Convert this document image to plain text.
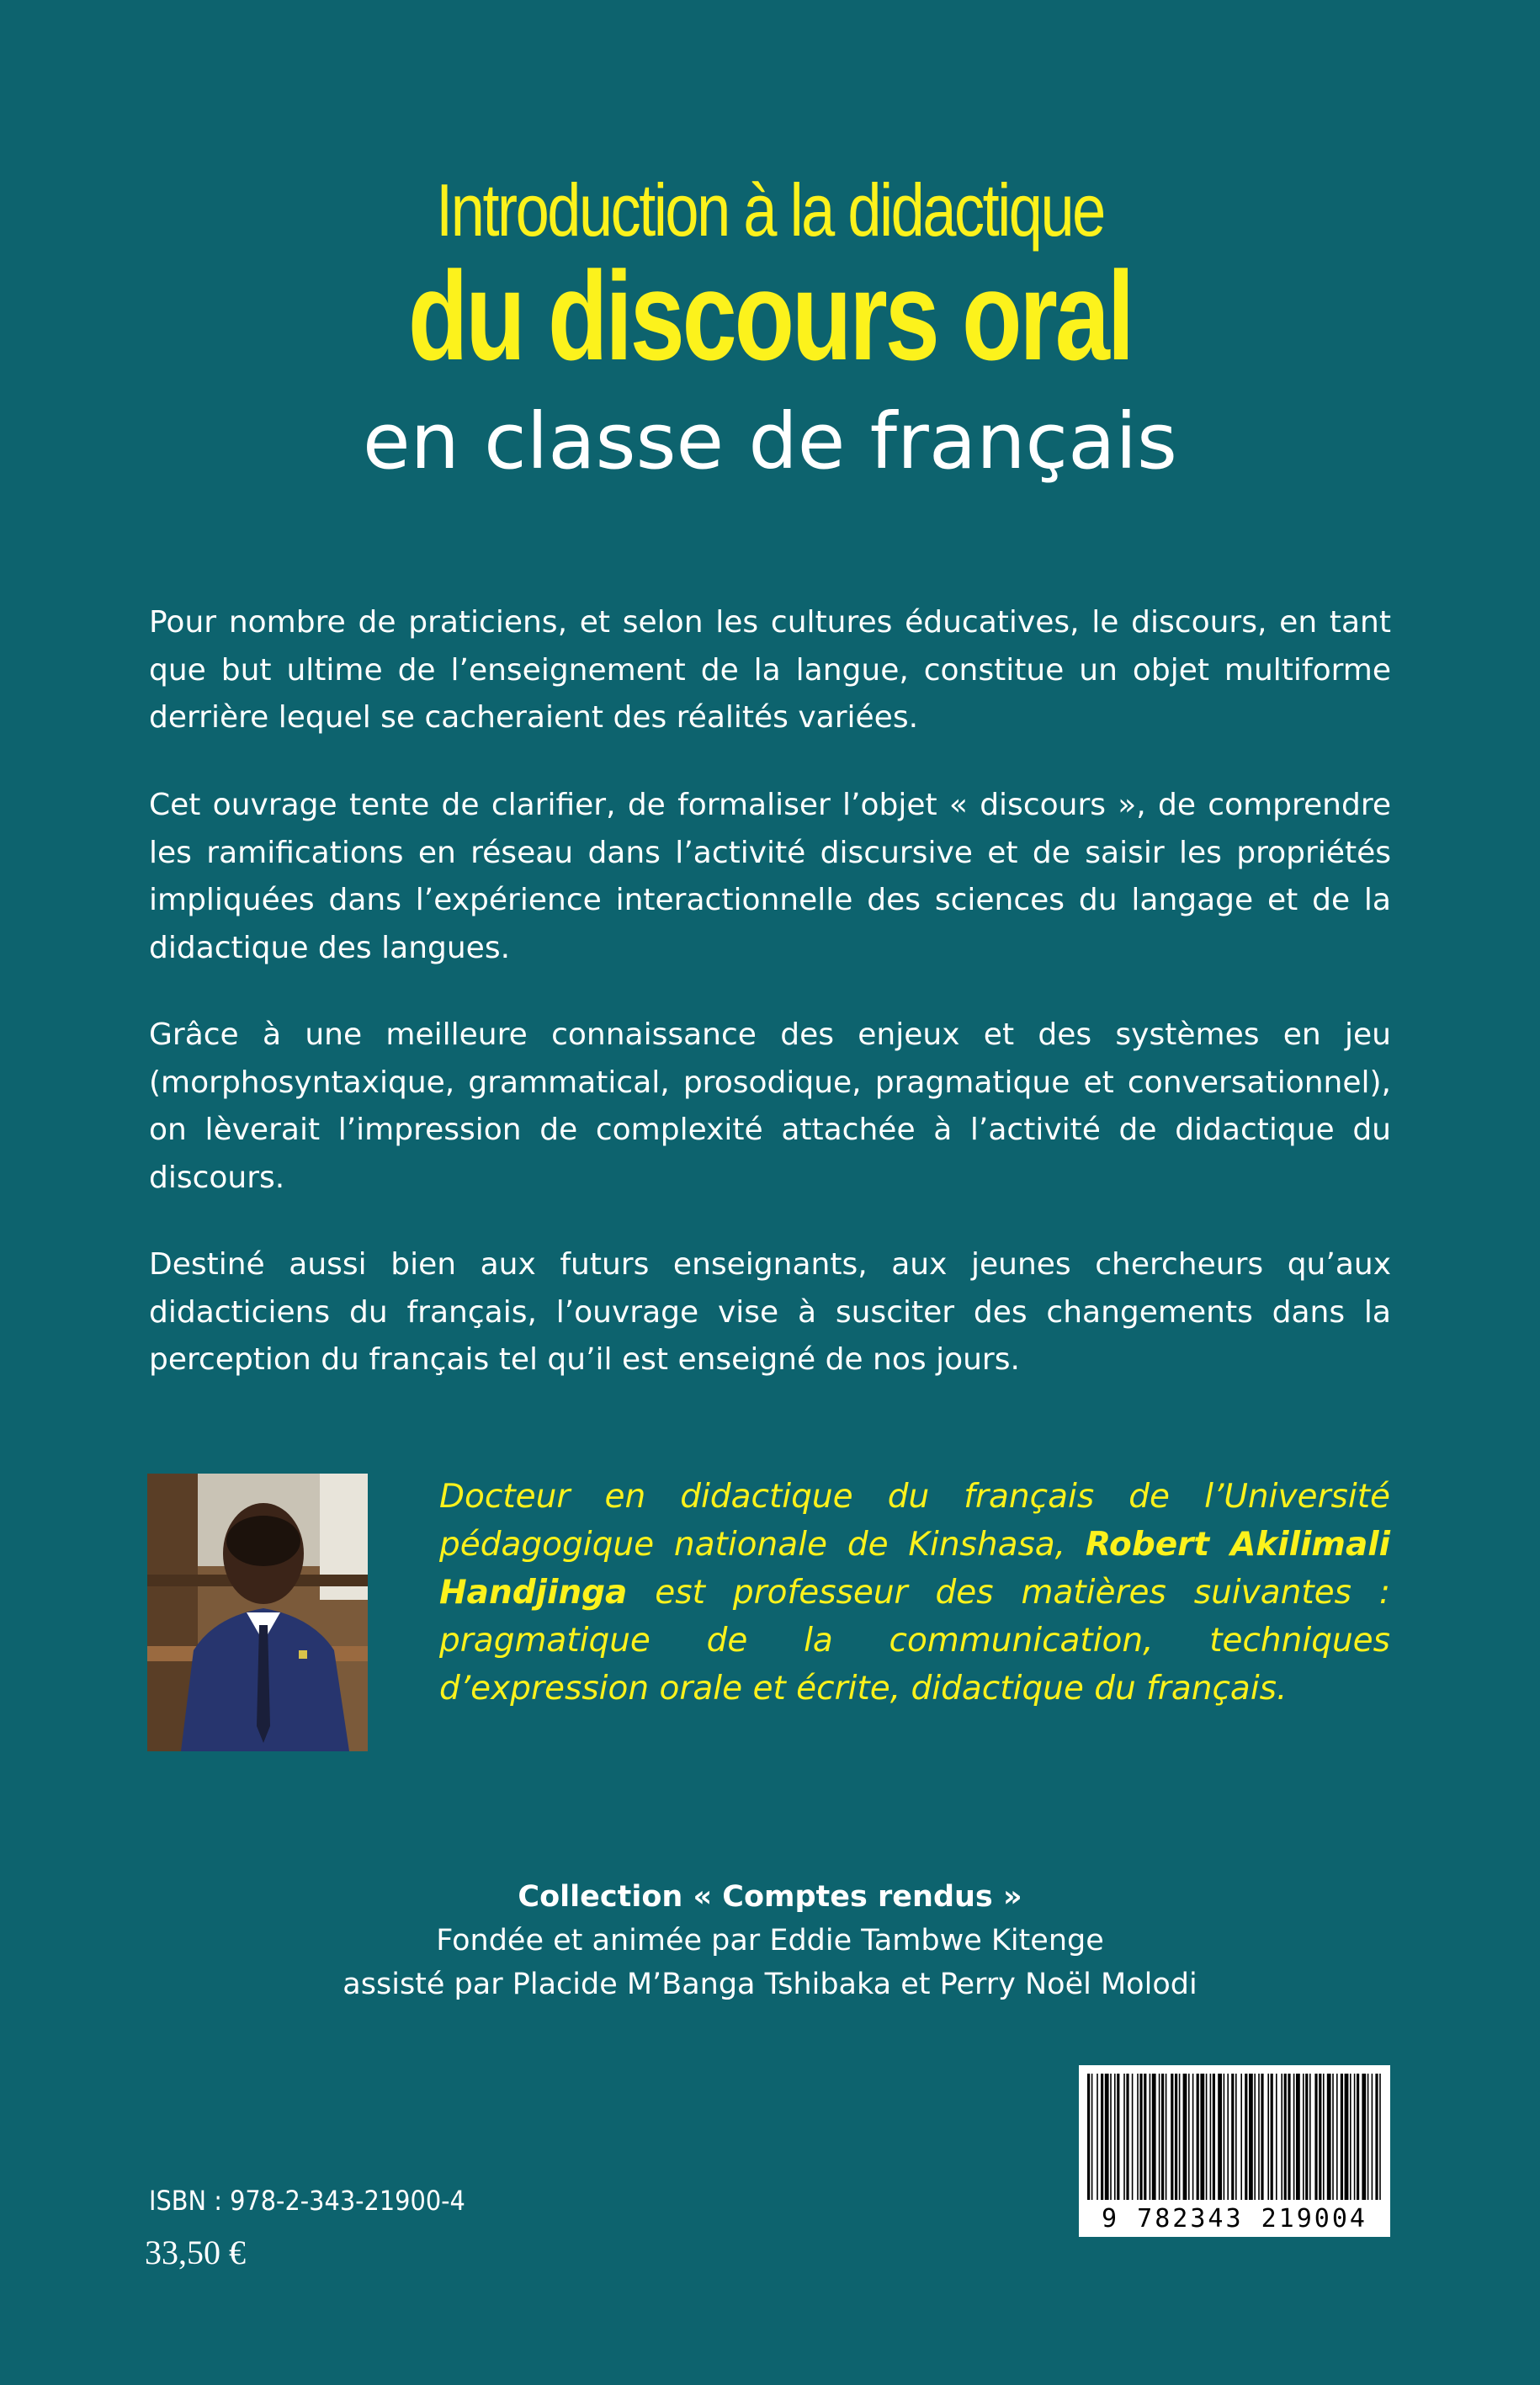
Introduction à la didactique
du discours oral
en classe de français

Pour nombre de praticiens, et selon les cultures éducatives, le discours, en tant que but ultime de l’enseignement de la langue, constitue un objet multiforme derrière lequel se cacheraient des réalités variées.

Cet ouvrage tente de clarifier, de formaliser l’objet « discours », de comprendre les ramifications en réseau dans l’activité discursive et de saisir les propriétés impliquées dans l’expérience interactionnelle des sciences du langage et de la didactique des langues.

Grâce à une meilleure connaissance des enjeux et des systèmes en jeu (morphosyntaxique, grammatical, prosodique, pragmatique et conversationnel), on lèverait l’impression de complexité attachée à l’activité de didactique du discours.

Destiné aussi bien aux futurs enseignants, aux jeunes chercheurs qu’aux didacticiens du français, l’ouvrage vise à susciter des changements dans la perception du français tel qu’il est enseigné de nos jours.

Docteur en didactique du français de l’Université pédagogique nationale de Kinshasa, Robert Akilimali Handjinga est professeur des matières suivantes : pragmatique de la communication, techniques d’expression orale et écrite, didactique du français.

Collection « Comptes rendus »
Fondée et animée par Eddie Tambwe Kitenge
assisté par Placide M’Banga Tshibaka et Perry Noël Molodi
9 782343 219004
ISBN : 978-2-343-21900-4
33,50 €
